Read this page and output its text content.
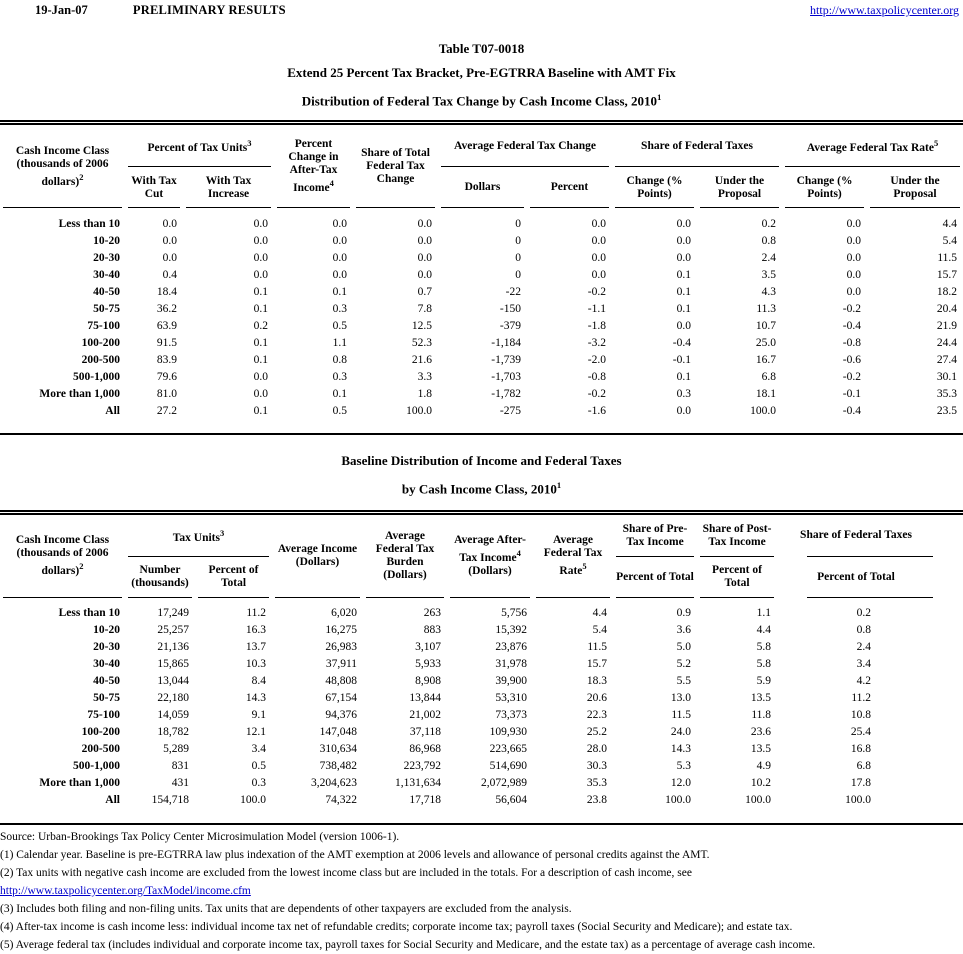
19-Jan-07	PRELIMINARY RESULTS	http://www.taxpolicycenter.org
Table T07-0018
Extend 25 Percent Tax Bracket, Pre-EGTRRA Baseline with AMT Fix
Distribution of Federal Tax Change by Cash Income Class, 2010$^1$
Cash Income Class (thousands of 2006 dollars)$^2$	Percent of Tax Units$^3$		Percent Change in After-Tax Income$^4$	Share of Total Federal Tax Change	Average Federal Tax Change		Share of Federal Taxes		Average Federal Tax Rate$^5$
	With Tax Cut	With Tax Increase			Dollars	Percent	Change (% Points)	Under the Proposal	Change (% Points)	Under the Proposal
Less than 10	0.0	0.0	0.0	0.0	0	0.0	0.0	0.2	0.0	4.4
10-20	0.0	0.0	0.0	0.0	0	0.0	0.0	0.8	0.0	5.4
20-30	0.0	0.0	0.0	0.0	0	0.0	0.0	2.4	0.0	11.5
30-40	0.4	0.0	0.0	0.0	0	0.0	0.1	3.5	0.0	15.7
40-50	18.4	0.1	0.1	0.7	-22	-0.2	0.1	4.3	0.0	18.2
50-75	36.2	0.1	0.3	7.8	-150	-1.1	0.1	11.3	-0.2	20.4
75-100	63.9	0.2	0.5	12.5	-379	-1.8	0.0	10.7	-0.4	21.9
100-200	91.5	0.1	1.1	52.3	-1,184	-3.2	-0.4	25.0	-0.8	24.4
200-500	83.9	0.1	0.8	21.6	-1,739	-2.0	-0.1	16.7	-0.6	27.4
500-1,000	79.6	0.0	0.3	3.3	-1,703	-0.8	0.1	6.8	-0.2	30.1
More than 1,000	81.0	0.0	0.1	1.8	-1,782	-0.2	0.3	18.1	-0.1	35.3
All	27.2	0.1	0.5	100.0	-275	-1.6	0.0	100.0	-0.4	23.5
Baseline Distribution of Income and Federal Taxes
by Cash Income Class, 2010$^1$
Cash Income Class (thousands of 2006 dollars)$^2$	Tax Units$^3$		Average Income (Dollars)	Average Federal Tax Burden (Dollars)	Average After-Tax Income$^4$ (Dollars)	Average Federal Tax Rate$^5$	Share of Pre-Tax Income	Share of Post-Tax Income	Share of Federal Taxes
	Number (thousands)	Percent of Total					Percent of Total	Percent of Total	Percent of Total
Less than 10	17,249	11.2	6,020	263	5,756	4.4	0.9	1.1	0.2
10-20	25,257	16.3	16,275	883	15,392	5.4	3.6	4.4	0.8
20-30	21,136	13.7	26,983	3,107	23,876	11.5	5.0	5.8	2.4
30-40	15,865	10.3	37,911	5,933	31,978	15.7	5.2	5.8	3.4
40-50	13,044	8.4	48,808	8,908	39,900	18.3	5.5	5.9	4.2
50-75	22,180	14.3	67,154	13,844	53,310	20.6	13.0	13.5	11.2
75-100	14,059	9.1	94,376	21,002	73,373	22.3	11.5	11.8	10.8
100-200	18,782	12.1	147,048	37,118	109,930	25.2	24.0	23.6	25.4
200-500	5,289	3.4	310,634	86,968	223,665	28.0	14.3	13.5	16.8
500-1,000	831	0.5	738,482	223,792	514,690	30.3	5.3	4.9	6.8
More than 1,000	431	0.3	3,204,623	1,131,634	2,072,989	35.3	12.0	10.2	17.8
All	154,718	100.0	74,322	17,718	56,604	23.8	100.0	100.0	100.0
Source: Urban-Brookings Tax Policy Center Microsimulation Model (version 1006-1).
(1) Calendar year. Baseline is pre-EGTRRA law plus indexation of the AMT exemption at 2006 levels and allowance of personal credits against the AMT.
(2) Tax units with negative cash income are excluded from the lowest income class but are included in the totals. For a description of cash income, see
http://www.taxpolicycenter.org/TaxModel/income.cfm
(3) Includes both filing and non-filing units. Tax units that are dependents of other taxpayers are excluded from the analysis.
(4) After-tax income is cash income less: individual income tax net of refundable credits; corporate income tax; payroll taxes (Social Security and Medicare); and estate tax.
(5) Average federal tax (includes individual and corporate income tax, payroll taxes for Social Security and Medicare, and the estate tax) as a percentage of average cash income.
